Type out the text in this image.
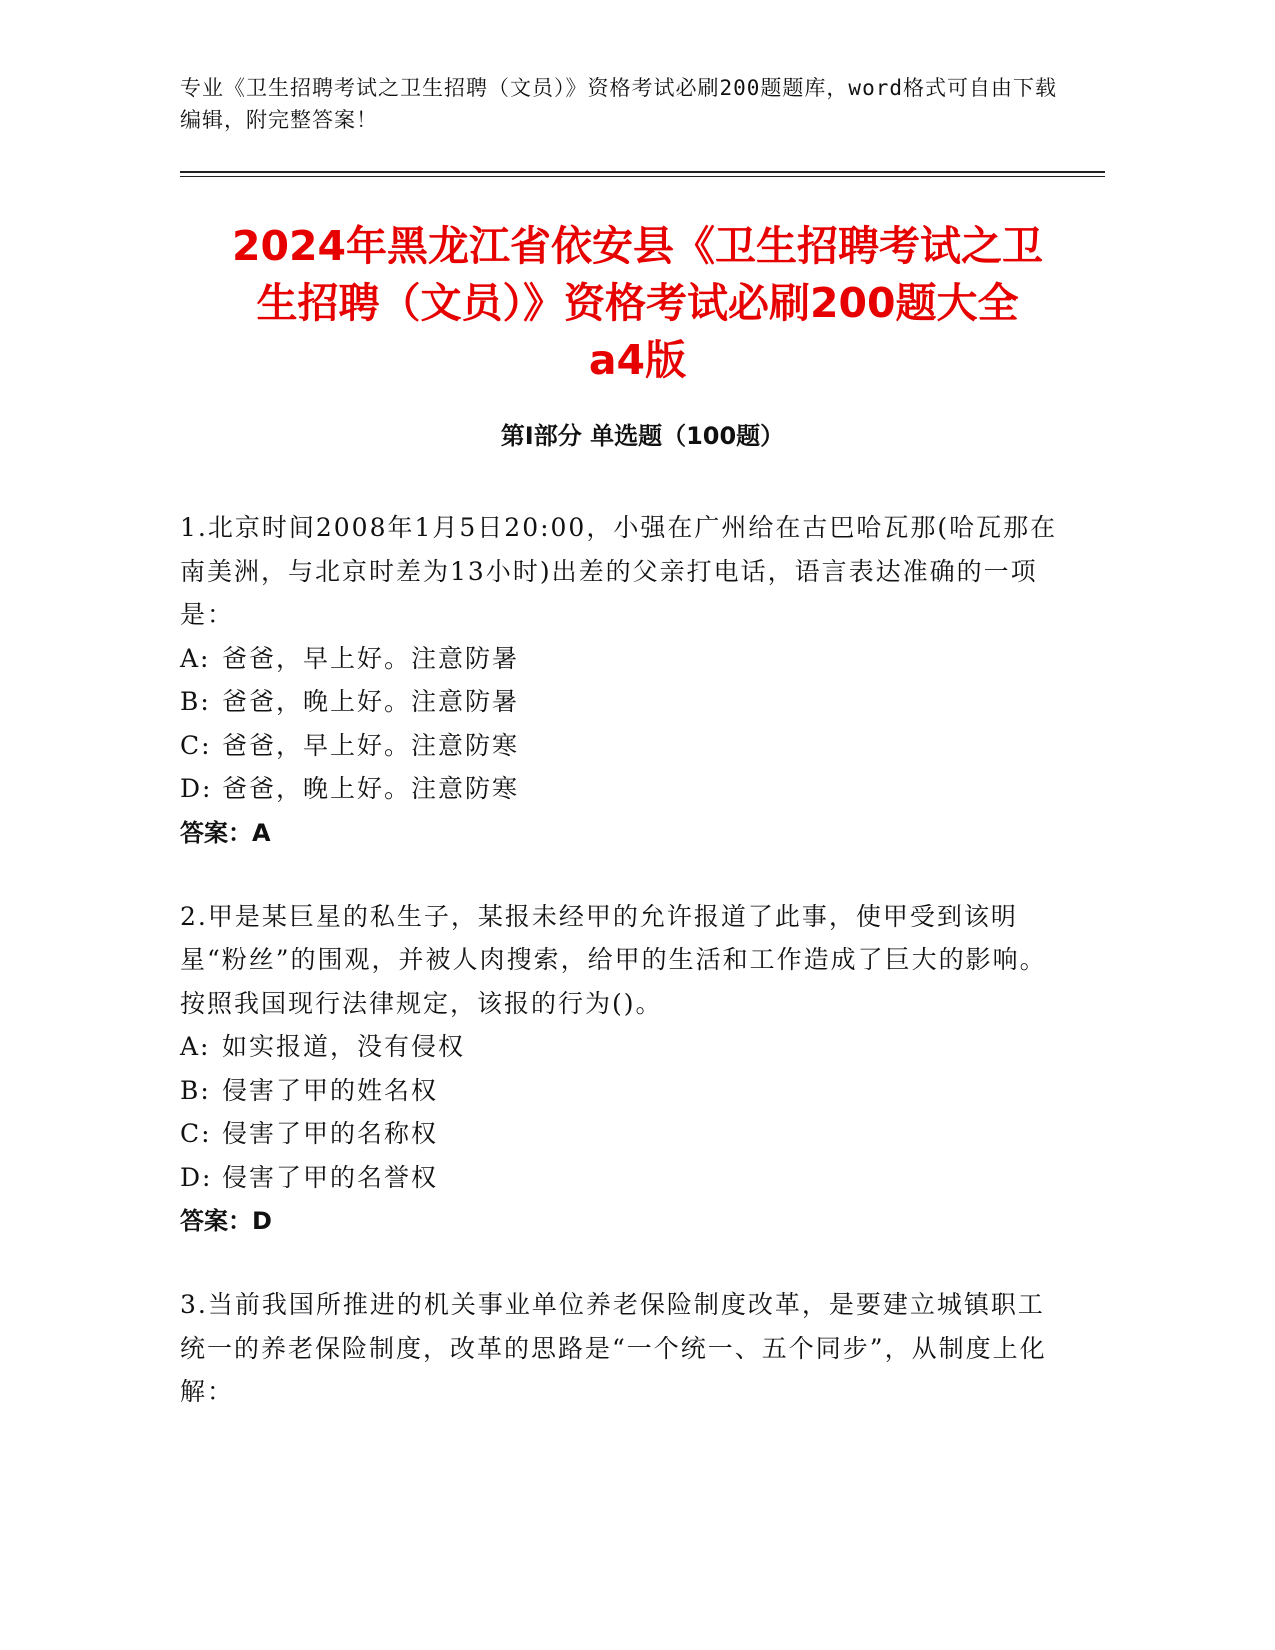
专业《卫生招聘考试之卫生招聘（文员）》资格考试必刷200题题库，word格式可自由下载编辑，附完整答案！
2024年黑龙江省依安县《卫生招聘考试之卫
生招聘（文员）》资格考试必刷200题大全
a4版
第Ⅰ部分 单选题（100题）

1.北京时间2008年1月5日20:00，小强在广州给在古巴哈瓦那(哈瓦那在南美洲，与北京时差为13小时)出差的父亲打电话，语言表达准确的一项是：

A: 爸爸，早上好。注意防暑

B: 爸爸，晚上好。注意防暑

C: 爸爸，早上好。注意防寒

D: 爸爸，晚上好。注意防寒

答案：A

2.甲是某巨星的私生子，某报未经甲的允许报道了此事，使甲受到该明星“粉丝”的围观，并被人肉搜索，给甲的生活和工作造成了巨大的影响。按照我国现行法律规定，该报的行为()。

A: 如实报道，没有侵权

B: 侵害了甲的姓名权

C: 侵害了甲的名称权

D: 侵害了甲的名誉权

答案：D

3.当前我国所推进的机关事业单位养老保险制度改革，是要建立城镇职工统一的养老保险制度，改革的思路是“一个统一、五个同步”，从制度上化解：
